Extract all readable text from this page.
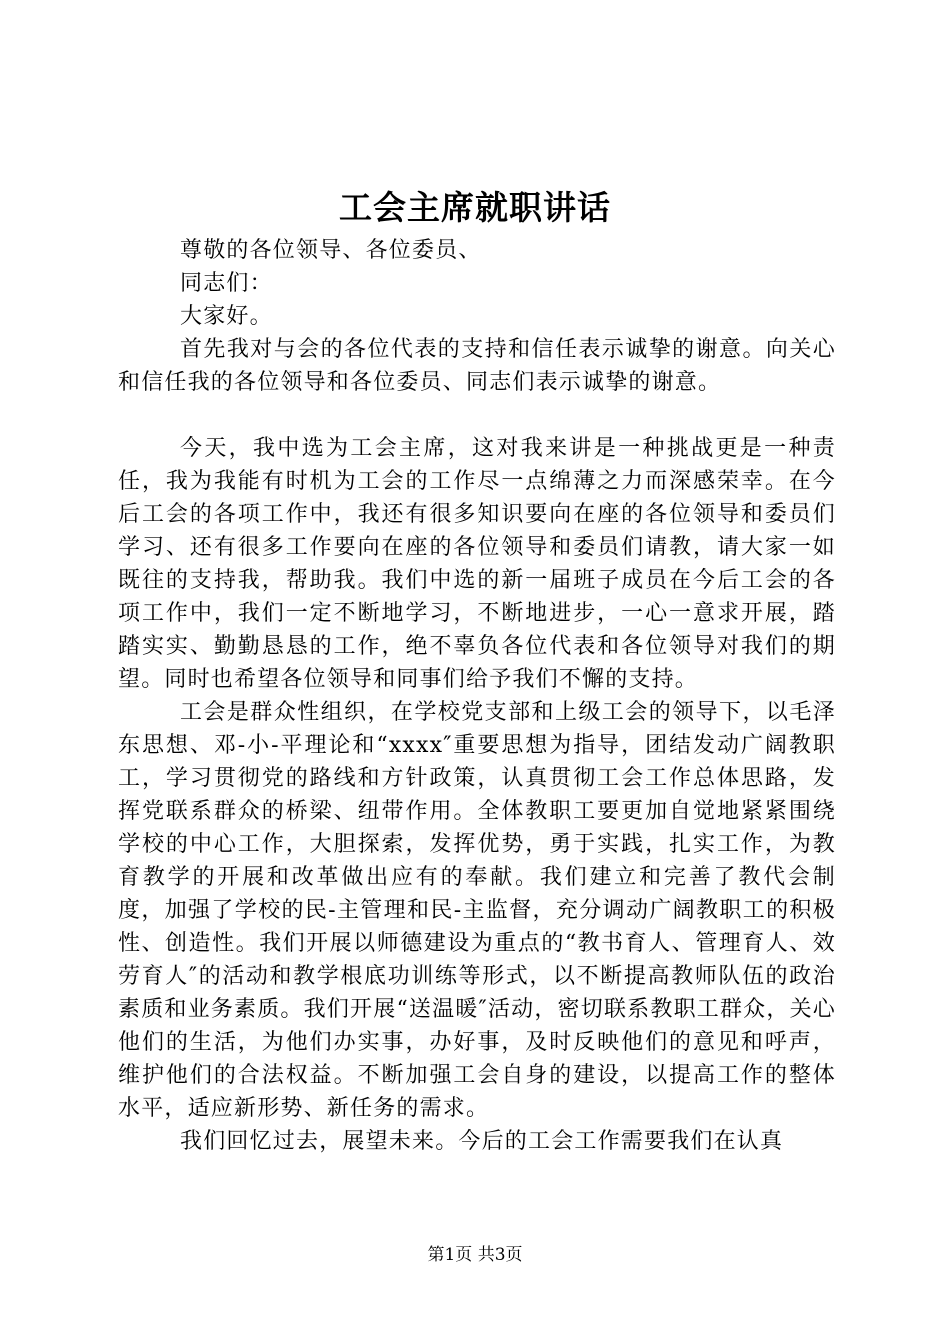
工会主席就职讲话

尊敬的各位领导、各位委员、

同志们：

大家好。

首先我对与会的各位代表的支持和信任表示诚挚的谢意。向关心和信任我的各位领导和各位委员、同志们表示诚挚的谢意。

今天，我中选为工会主席，这对我来讲是一种挑战更是一种责任，我为我能有时机为工会的工作尽一点绵薄之力而深感荣幸。在今后工会的各项工作中，我还有很多知识要向在座的各位领导和委员们学习、还有很多工作要向在座的各位领导和委员们请教，请大家一如既往的支持我，帮助我。我们中选的新一届班子成员在今后工会的各项工作中，我们一定不断地学习，不断地进步，一心一意求开展，踏踏实实、勤勤恳恳的工作，绝不辜负各位代表和各位领导对我们的期望。同时也希望各位领导和同事们给予我们不懈的支持。

工会是群众性组织，在学校党支部和上级工会的领导下，以毛泽东思想、邓-小-平理论和“xxxx″重要思想为指导，团结发动广阔教职工，学习贯彻党的路线和方针政策，认真贯彻工会工作总体思路，发挥党联系群众的桥梁、纽带作用。全体教职工要更加自觉地紧紧围绕学校的中心工作，大胆探索，发挥优势，勇于实践，扎实工作，为教育教学的开展和改革做出应有的奉献。我们建立和完善了教代会制度，加强了学校的民-主管理和民-主监督，充分调动广阔教职工的积极性、创造性。我们开展以师德建设为重点的“教书育人、管理育人、效劳育人″的活动和教学根底功训练等形式，以不断提高教师队伍的政治素质和业务素质。我们开展“送温暖″活动，密切联系教职工群众，关心他们的生活，为他们办实事，办好事，及时反映他们的意见和呼声，维护他们的合法权益。不断加强工会自身的建设，以提高工作的整体水平，适应新形势、新任务的需求。

我们回忆过去，展望未来。今后的工会工作需要我们在认真

第1页 共3页
